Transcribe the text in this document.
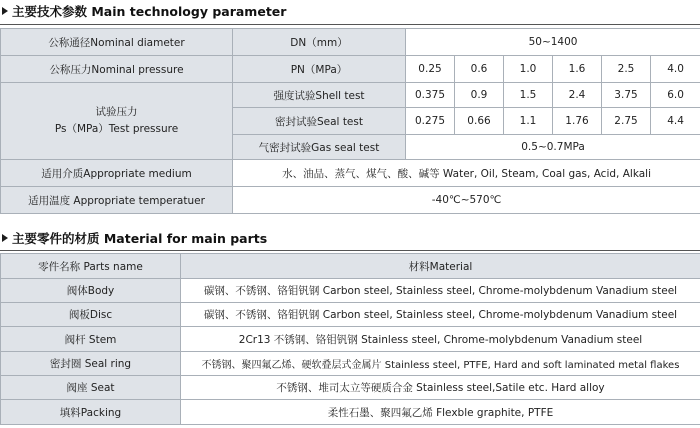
主要技术参数 Main technology parameter
公称通径Nominal diameter	DN（mm）	50~1400					
公称压力Nominal pressure	PN（MPa）	0.25	0.6	1.0	1.6	2.5	4.0

试验压力
Ps（MPa）Test pressure	强度试验Shell test	0.375	0.9	1.5	2.4	3.75	6.0
	密封试验Seal test	0.275	0.66	1.1	1.76	2.75	4.4
	气密封试验Gas seal test	0.5~0.7MPa					
适用介质Appropriate medium	水、油品、蒸气、煤气、酸、碱等 Water, Oil, Steam, Coal gas, Acid, Alkali						
适用温度 Appropriate temperatuer	-40℃~570℃						
主要零件的材质 Material for main parts
零件名称 Parts name	材料Material
阀体Body	碳钢、不锈钢、铬钼钒钢 Carbon steel, Stainless steel, Chrome-molybdenum Vanadium steel
阀板Disc	碳钢、不锈钢、铬钼钒钢 Carbon steel, Stainless steel, Chrome-molybdenum Vanadium steel
阀杆 Stem	2Cr13 不锈钢、铬钼钒钢 Stainless steel, Chrome-molybdenum Vanadium steel
密封圈 Seal ring	不锈钢、聚四氟乙烯、硬软叠层式金属片 Stainless steel, PTFE, Hard and soft laminated metal flakes
阀座 Seat	不锈钢、堆司太立等硬质合金 Stainless steel,Satile etc. Hard alloy
填料Packing	柔性石墨、聚四氟乙烯 Flexble graphite, PTFE
